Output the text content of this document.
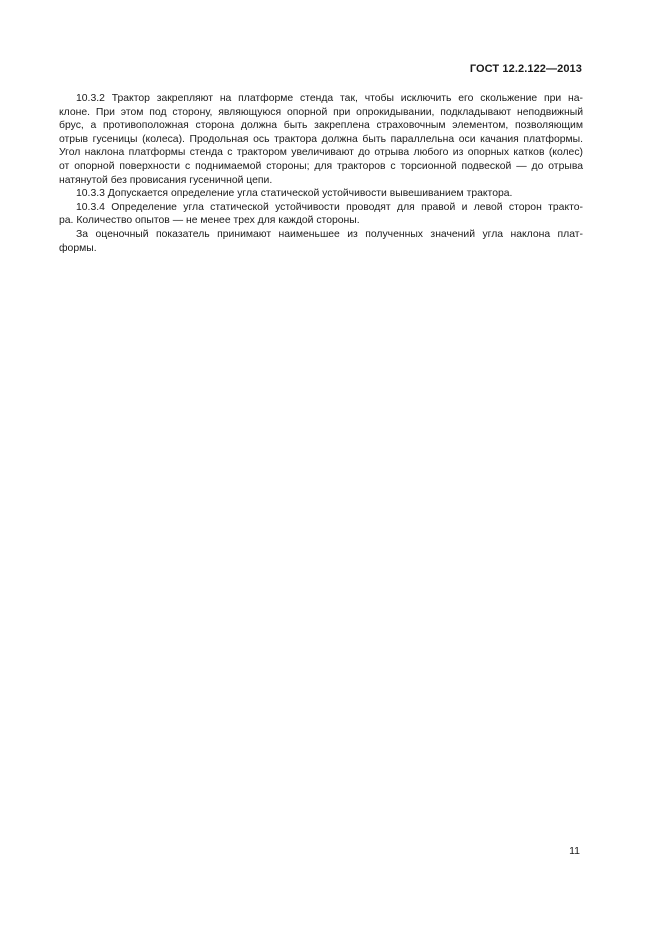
ГОСТ 12.2.122—2013
10.3.2 Трактор закрепляют на платформе стенда так, чтобы исключить его скольжение при на-
клоне. При этом под сторону, являющуюся опорной при опрокидывании, подкладывают неподвижный
брус, а противоположная сторона должна быть закреплена страховочным элементом, позволяющим
отрыв гусеницы (колеса). Продольная ось трактора должна быть параллельна оси качания платформы.
Угол наклона платформы стенда с трактором увеличивают до отрыва любого из опорных катков (колес)
от опорной поверхности с поднимаемой стороны; для тракторов с торсионной подвеской — до отрыва
натянутой без провисания гусеничной цепи.
10.3.3 Допускается определение угла статической устойчивости вывешиванием трактора.
10.3.4 Определение угла статической устойчивости проводят для правой и левой сторон тракто-
ра. Количество опытов — не менее трех для каждой стороны.
За оценочный показатель принимают наименьшее из полученных значений угла наклона плат-
формы.
11
